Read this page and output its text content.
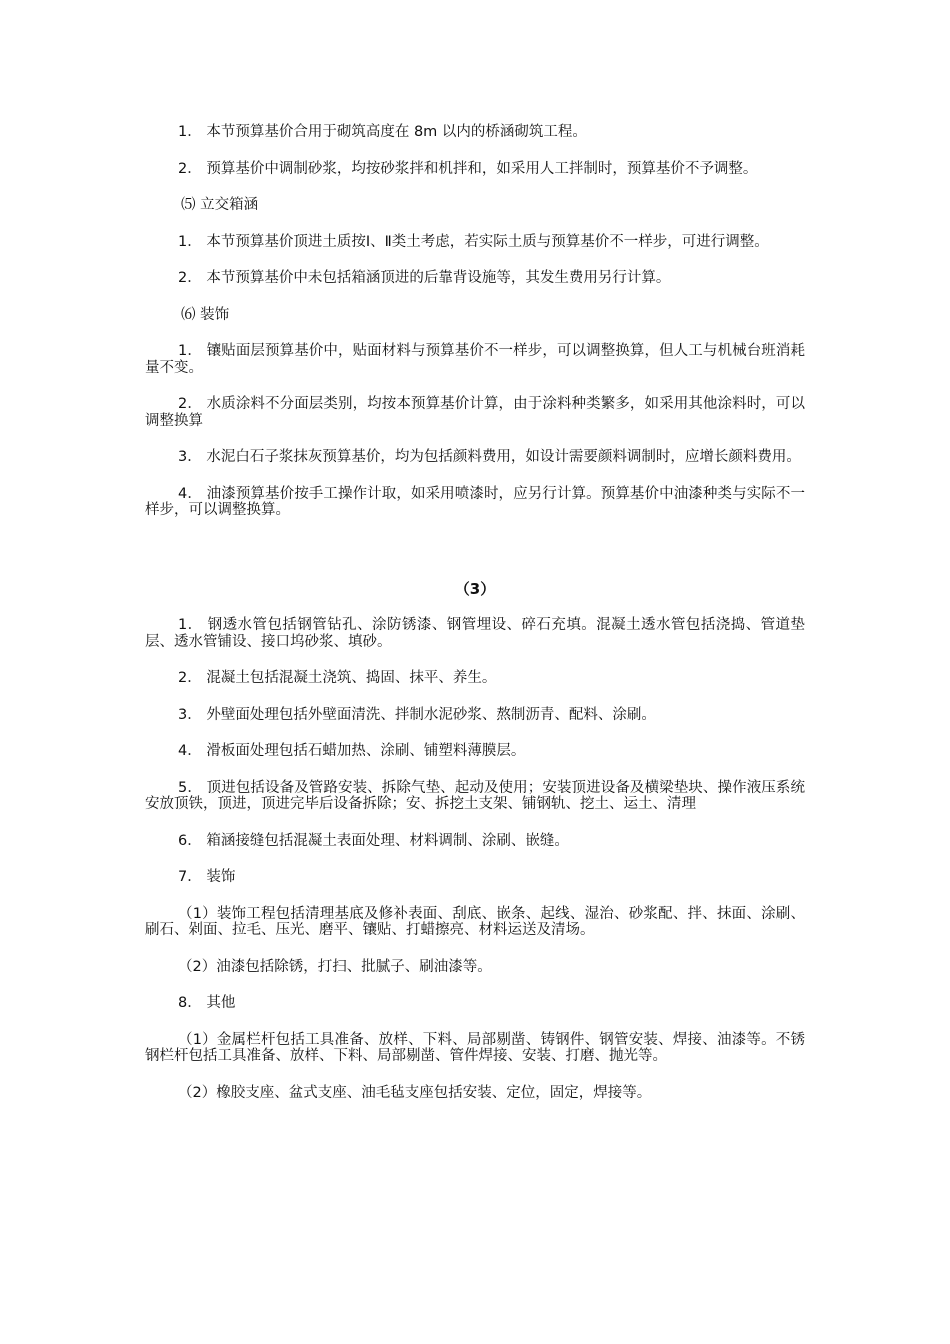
1． 本节预算基价合用于砌筑高度在 8m 以内的桥涵砌筑工程。

2． 预算基价中调制砂浆，均按砂浆拌和机拌和，如采用人工拌制时，预算基价不予调整。

⑸ 立交箱涵

1． 本节预算基价顶进土质按Ⅰ、Ⅱ类土考虑，若实际土质与预算基价不一样步，可进行调整。

2． 本节预算基价中未包括箱涵顶进的后靠背设施等，其发生费用另行计算。

⑹ 装饰

1． 镶贴面层预算基价中，贴面材料与预算基价不一样步，可以调整换算，但人工与机械台班消耗量不变。

2． 水质涂料不分面层类别，均按本预算基价计算，由于涂料种类繁多，如采用其他涂料时，可以调整换算

3． 水泥白石子浆抹灰预算基价，均为包括颜料费用，如设计需要颜料调制时，应增长颜料费用。

4． 油漆预算基价按手工操作计取，如采用喷漆时，应另行计算。预算基价中油漆种类与实际不一样步，可以调整换算。

（3）

1． 钢透水管包括钢管钻孔、涂防锈漆、钢管埋设、碎石充填。混凝土透水管包括浇捣、管道垫层、透水管铺设、接口坞砂浆、填砂。

2． 混凝土包括混凝土浇筑、捣固、抹平、养生。

3． 外壁面处理包括外壁面清洗、拌制水泥砂浆、熬制沥青、配料、涂刷。

4． 滑板面处理包括石蜡加热、涂刷、铺塑料薄膜层。

5． 顶进包括设备及管路安装、拆除气垫、起动及使用；安装顶进设备及横梁垫块、操作液压系统安放顶铁，顶进，顶进完毕后设备拆除；安、拆挖土支架、铺钢轨、挖土、运土、清理

6． 箱涵接缝包括混凝土表面处理、材料调制、涂刷、嵌缝。

7． 装饰

（1）装饰工程包括清理基底及修补表面、刮底、嵌条、起线、湿治、砂浆配、拌、抹面、涂刷、刷石、剁面、拉毛、压光、磨平、镶贴、打蜡擦亮、材料运送及清场。

（2）油漆包括除锈，打扫、批腻子、刷油漆等。

8． 其他

（1）金属栏杆包括工具准备、放样、下料、局部剔凿、铸钢件、钢管安装、焊接、油漆等。不锈钢栏杆包括工具准备、放样、下料、局部剔凿、管件焊接、安装、打磨、抛光等。

（2）橡胶支座、盆式支座、油毛毡支座包括安装、定位，固定，焊接等。
